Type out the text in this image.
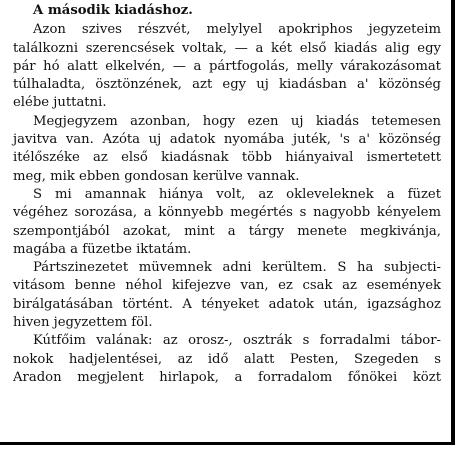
A második kiadáshoz.
Azon szives részvét, melylyel apokriphos jegyzeteim
találkozni szerencsések voltak, — a két első kiadás alig egy
pár hó alatt elkelvén, — a pártfogolás, melly várakozásomat
túlhaladta, ösztönzének, azt egy uj kiadásban a' közönség
elébe juttatni.
Megjegyzem azonban, hogy ezen uj kiadás tetemesen
javitva van. Azóta uj adatok nyomába juték, 's a' közönség
itélőszéke az első kiadásnak több hiányaival ismertetett
meg, mik ebben gondosan kerülve vannak.
S mi amannak hiánya volt, az okleveleknek a füzet
végéhez sorozása, a könnyebb megértés s nagyobb kényelem
szempontjából azokat, mint a tárgy menete megkivánja,
magába a füzetbe iktatám.
Pártszinezetet müvemnek adni kerültem. S ha subjecti-
vitásom benne néhol kifejezve van, ez csak az események
birálgatásában történt. A tényeket adatok után, igazsághoz
hiven jegyzettem föl.
Kútfőim valának: az orosz-, osztrák s forradalmi tábor-
nokok hadjelentései, az idő alatt Pesten, Szegeden s
Aradon megjelent hirlapok, a forradalom főnökei közt
